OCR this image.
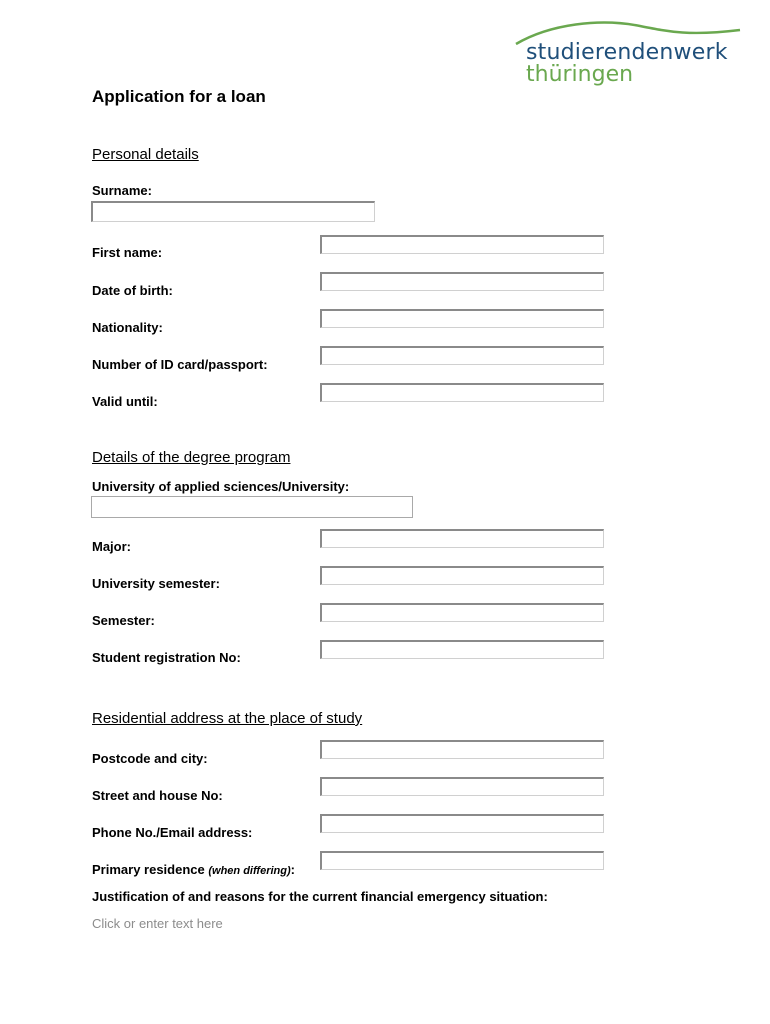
studierendenwerk
thüringen
Application for a loan
Personal details
Surname:
First name:
Date of birth:
Nationality:
Number of ID card/passport:
Valid until:
Details of the degree program
University of applied sciences/University:
Major:
University semester:
Semester:
Student registration No:
Residential address at the place of study
Postcode and city:
Street and house No:
Phone No./Email address:
Primary residence (when differing):
Justification of and reasons for the current financial emergency situation:
Click or enter text here
